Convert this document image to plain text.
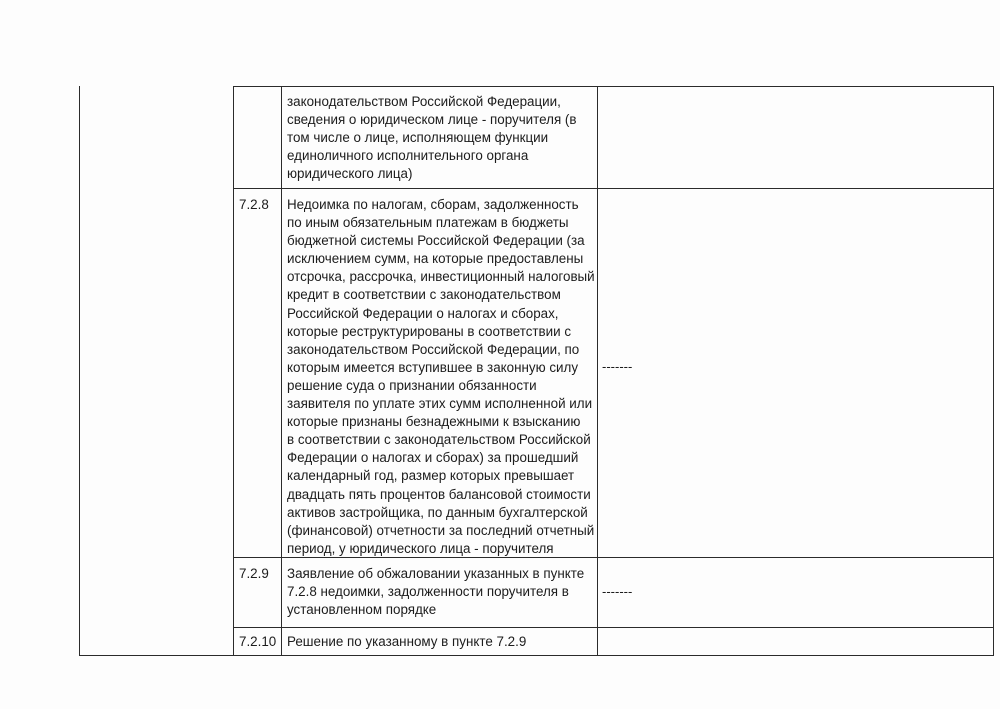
законодательством Российской Федерации,
сведения о юридическом лице - поручителя (в
том числе о лице, исполняющем функции
единоличного исполнительного органа
юридического лица)
7.2.8 Недоимка по налогам, сборам, задолженность
по иным обязательным платежам в бюджеты
бюджетной системы Российской Федерации (за
исключением сумм, на которые предоставлены
отсрочка, рассрочка, инвестиционный налоговый
кредит в соответствии с законодательством
Российской Федерации о налогах и сборах,
которые реструктурированы в соответствии с
законодательством Российской Федерации, по
которым имеется вступившее в законную силу
решение суда о признании обязанности
заявителя по уплате этих сумм исполненной или
которые признаны безнадежными к взысканию
в соответствии с законодательством Российской
Федерации о налогах и сборах) за прошедший
календарный год, размер которых превышает
двадцать пять процентов балансовой стоимости
активов застройщика, по данным бухгалтерской
(финансовой) отчетности за последний отчетный
период, у юридического лица - поручителя
-------
7.2.9 Заявление об обжаловании указанных в пункте
7.2.8 недоимки, задолженности поручителя в
установленном порядке
-------
7.2.10 Решение по указанному в пункте 7.2.9
